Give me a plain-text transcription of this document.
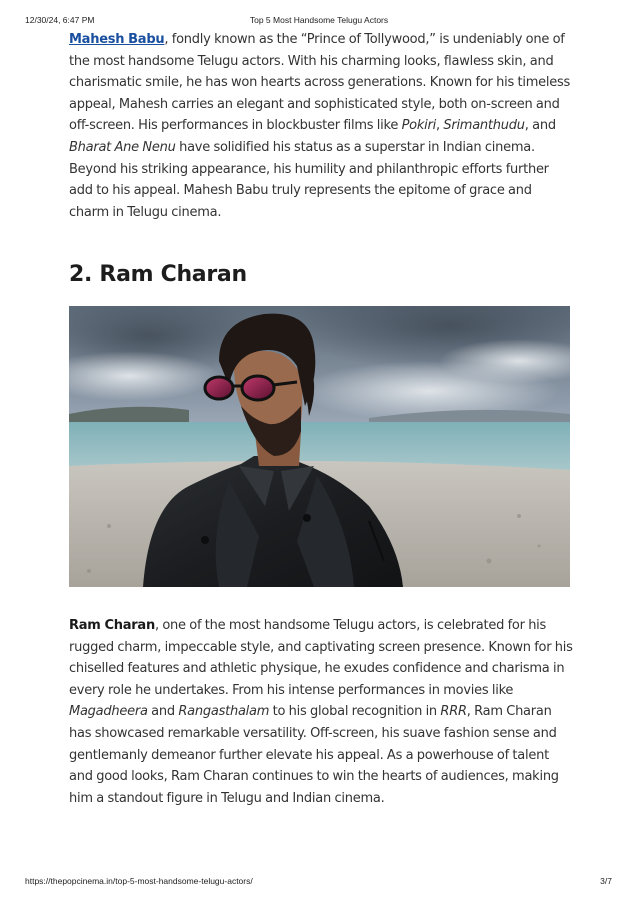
12/30/24, 6:47 PM	Top 5 Most Handsome Telugu Actors

Mahesh Babu, fondly known as the “Prince of Tollywood,” is undeniably one of the most handsome Telugu actors. With his charming looks, flawless skin, and charismatic smile, he has won hearts across generations. Known for his timeless appeal, Mahesh carries an elegant and sophisticated style, both on-screen and off-screen. His performances in blockbuster films like Pokiri, Srimanthudu, and Bharat Ane Nenu have solidified his status as a superstar in Indian cinema. Beyond his striking appearance, his humility and philanthropic efforts further add to his appeal. Mahesh Babu truly represents the epitome of grace and charm in Telugu cinema.

2. Ram Charan

Ram Charan, one of the most handsome Telugu actors, is celebrated for his rugged charm, impeccable style, and captivating screen presence. Known for his chiselled features and athletic physique, he exudes confidence and charisma in every role he undertakes. From his intense performances in movies like Magadheera and Rangasthalam to his global recognition in RRR, Ram Charan has showcased remarkable versatility. Off-screen, his suave fashion sense and gentlemanly demeanor further elevate his appeal. As a powerhouse of talent and good looks, Ram Charan continues to win the hearts of audiences, making him a standout figure in Telugu and Indian cinema.

https://thepopcinema.in/top-5-most-handsome-telugu-actors/	3/7
